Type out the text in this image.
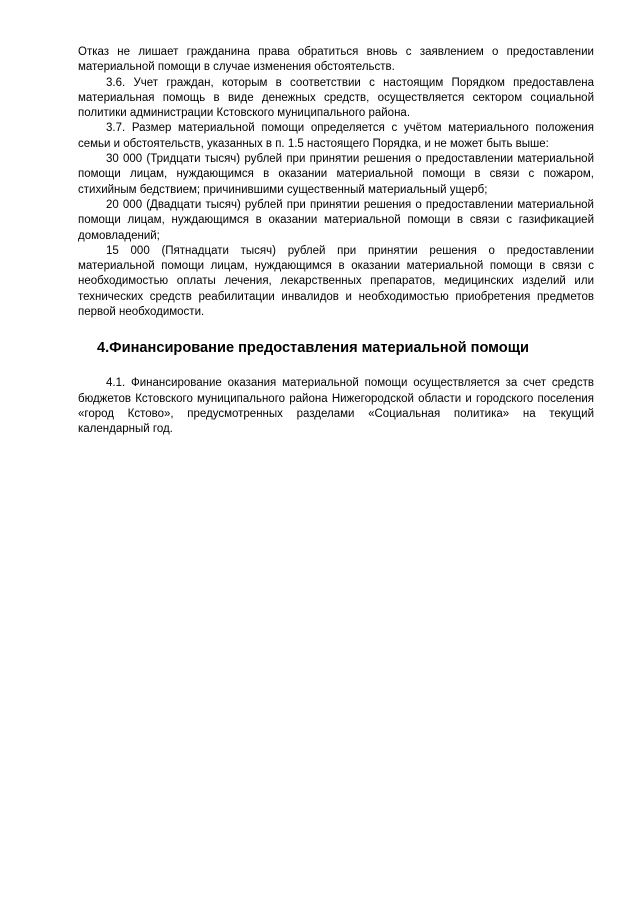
Отказ не лишает гражданина права обратиться вновь с заявлением о предоставлении материальной помощи в случае изменения обстоятельств.

3.6. Учет граждан, которым в соответствии с настоящим Порядком предоставлена материальная помощь в виде денежных средств, осуществляется сектором социальной политики администрации Кстовского муниципального района.

3.7. Размер материальной помощи определяется с учётом материального положения семьи и обстоятельств, указанных в п. 1.5 настоящего Порядка, и не может быть выше:

30 000 (Тридцати тысяч) рублей при принятии решения о предоставлении материальной помощи лицам, нуждающимся в оказании материальной помощи в связи с пожаром, стихийным бедствием; причинившими существенный материальный ущерб;

20 000 (Двадцати тысяч) рублей при принятии решения о предоставлении материальной помощи лицам, нуждающимся в оказании материальной помощи в связи с газификацией домовладений;

15 000 (Пятнадцати тысяч) рублей при принятии решения о предоставлении материальной помощи лицам, нуждающимся в оказании материальной помощи в связи с необходимостью оплаты лечения, лекарственных препаратов, медицинских изделий или технических средств реабилитации инвалидов и необходимостью приобретения предметов первой необходимости.

4.Финансирование предоставления материальной помощи

4.1. Финансирование оказания материальной помощи осуществляется за счет средств бюджетов Кстовского муниципального района Нижегородской области и городского поселения «город Кстово», предусмотренных разделами «Социальная политика» на текущий календарный год.
